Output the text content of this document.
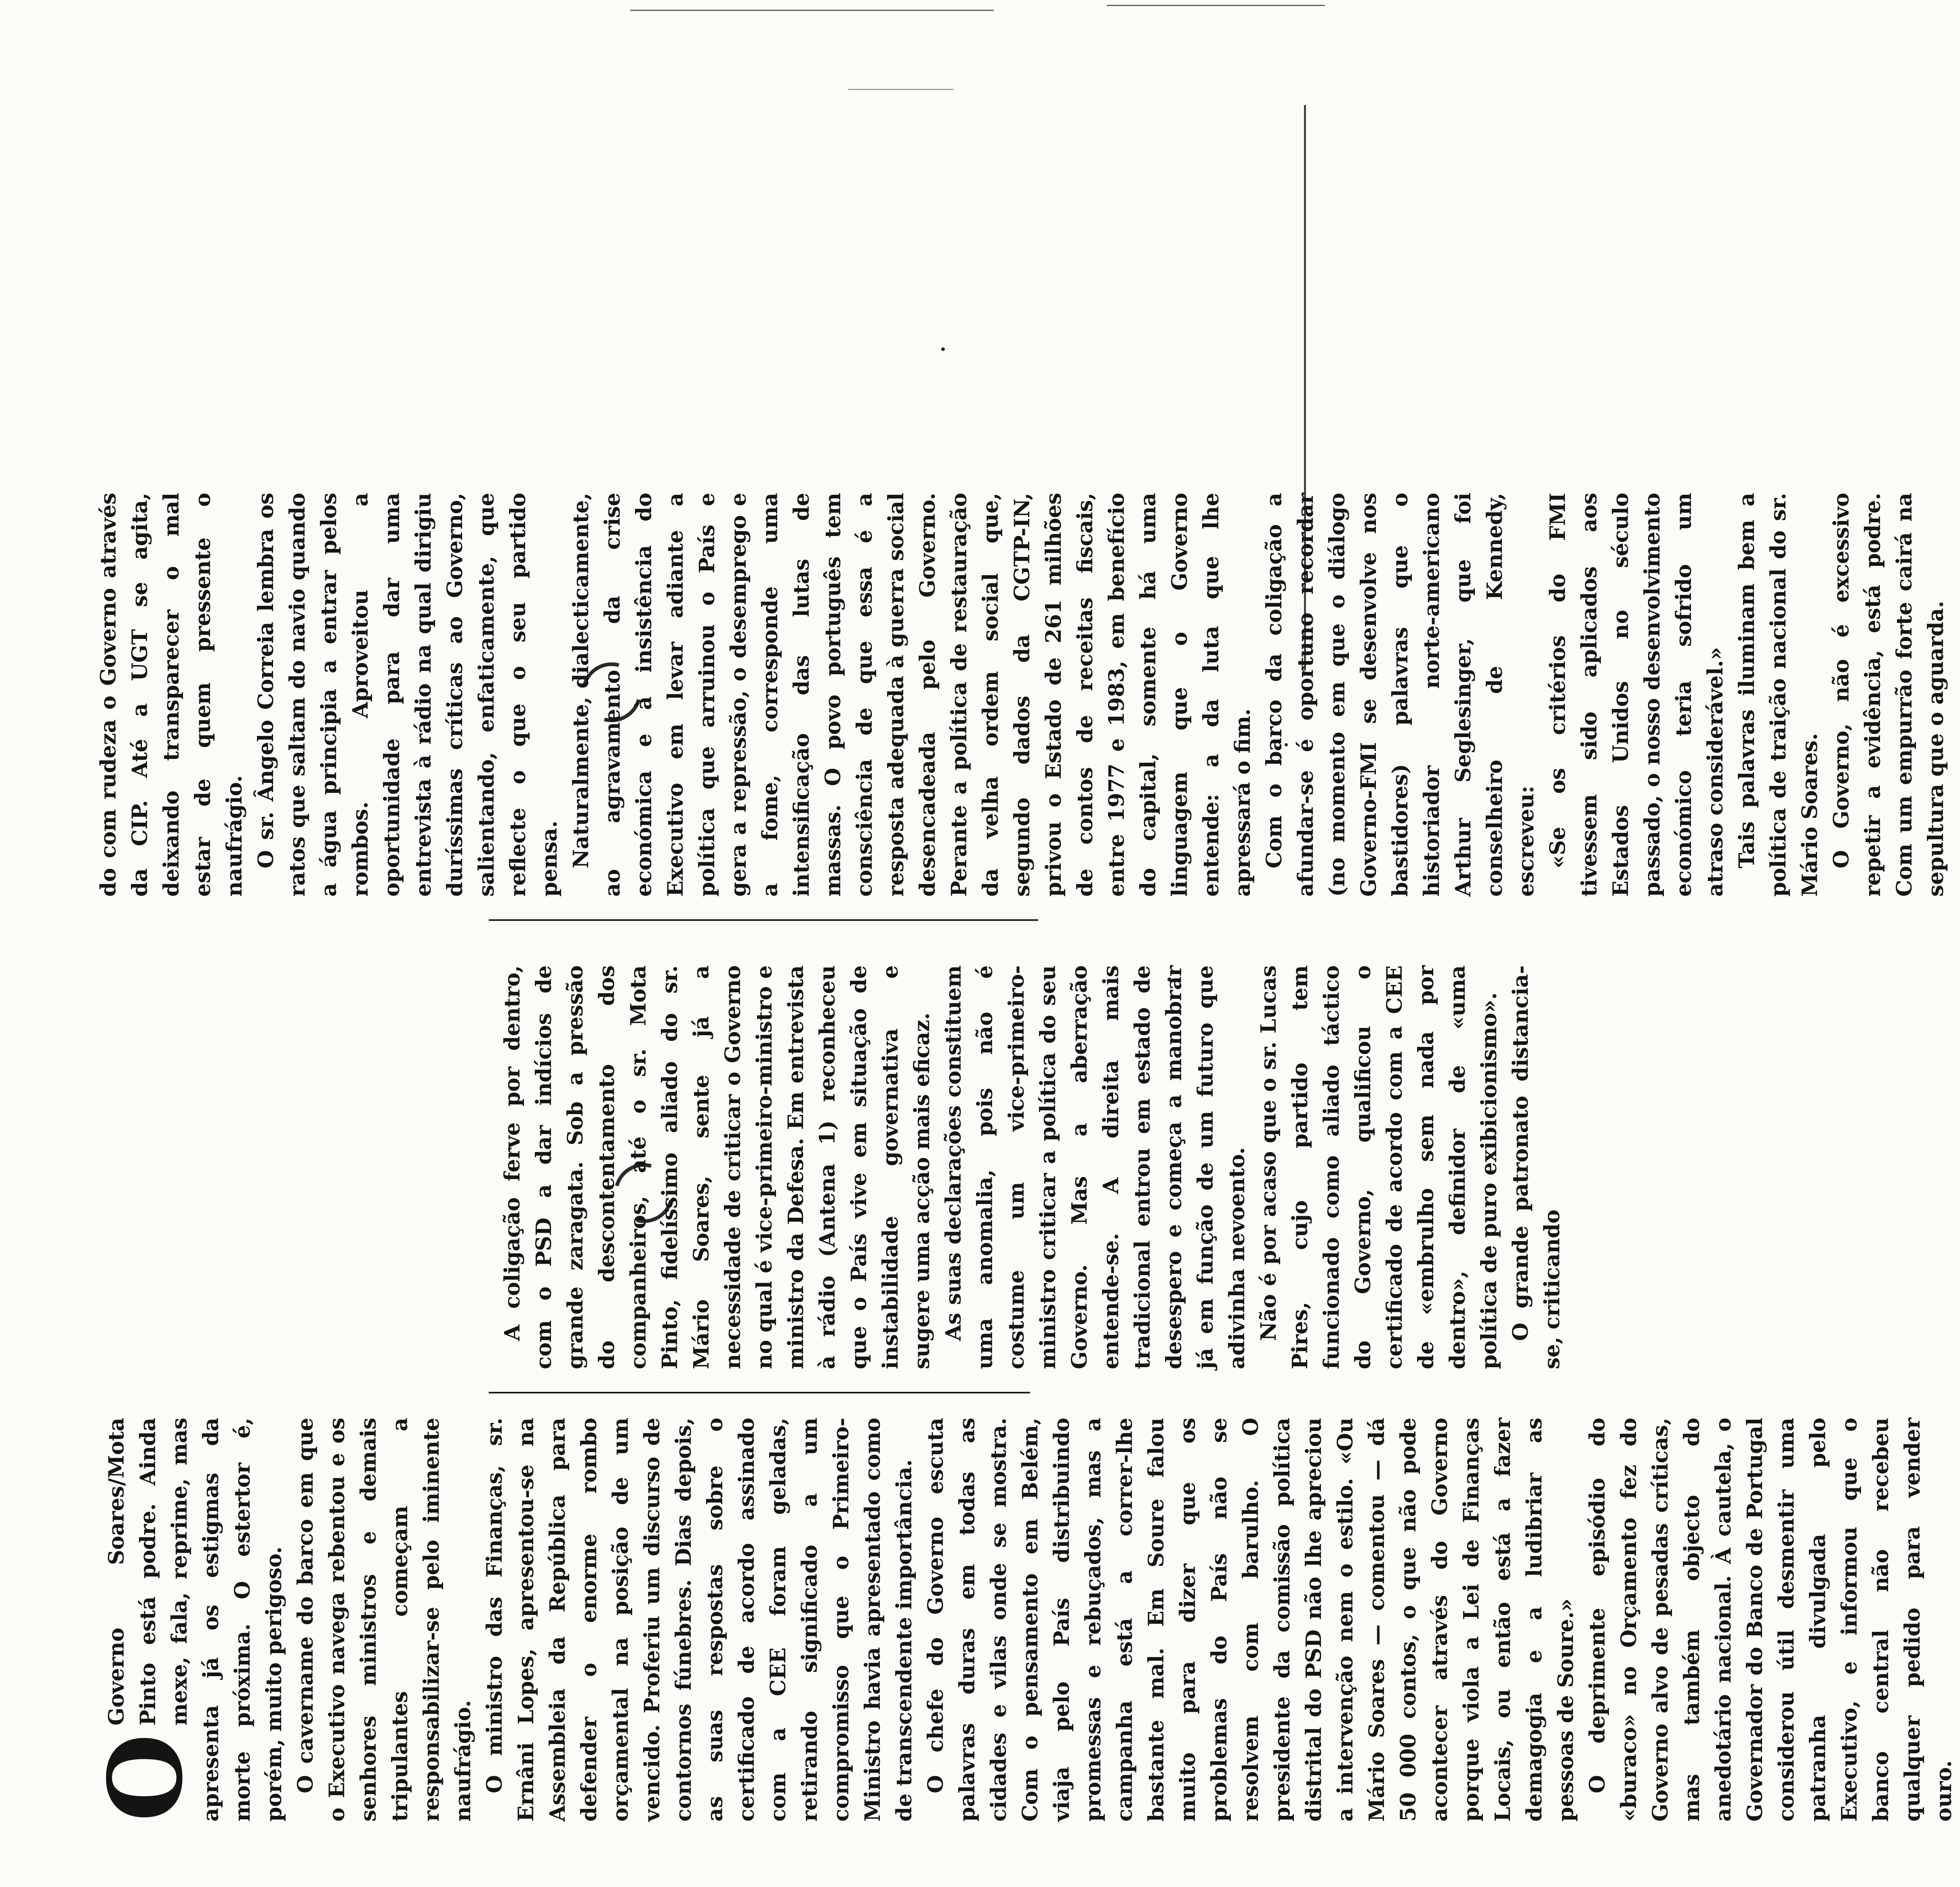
O
Governo Soares/Mota Pinto está podre. Ainda mexe, fala, reprime, mas apresenta já os estigmas da morte próxima. O estertor é, porém, muito perigoso. O cavername do barco em que o Executivo navega rebentou e os senhores ministros e demais tripulantes começam a responsabilizar-se pelo iminente naufrágio. O ministro das Finanças, sr. Ernâni Lopes, apresentou-se na Assembleia da República para defender o enorme rombo orçamental na posição de um vencido. Proferiu um discurso de contornos fúnebres. Dias depois, as suas respostas sobre o certificado de acordo assinado com a CEE foram geladas, retirando significado a um compromisso que o Primeiro-Ministro havia apresentado como de transcendente importância. O chefe do Governo escuta palavras duras em todas as cidades e vilas onde se mostra. Com o pensamento em Belém, viaja pelo País distribuindo promessas e rebuçados, mas a campanha está a correr-lhe bastante mal. Em Soure falou muito para dizer que os problemas do País não se resolvem com barulho. O presidente da comissão política distrital do PSD não lhe apreciou a intervenção nem o estilo. «Ou Mário Soares — comentou — dá 50 000 contos, o que não pode acontecer através do Governo porque viola a Lei de Finanças Locais, ou então está a fazer demagogia e a ludibriar as pessoas de Soure.» O deprimente episódio do «buraco» no Orçamento fez do Governo alvo de pesadas críticas, mas também objecto do anedotário nacional. À cautela, o Governador do Banco de Portugal considerou útil desmentir uma patranha divulgada pelo Executivo, e informou que o banco central não recebeu qualquer pedido para vender ouro.

A coligação ferve por dentro, com o PSD a dar indícios de grande zaragata. Sob a pressão do descontentamento dos companheiros, até o sr. Mota Pinto, fidelíssimo aliado do sr. Mário Soares, sente já a necessidade de criticar o Governo no qual é vice-primeiro-ministro e ministro da Defesa. Em entrevista à rádio (Antena 1) reconheceu que o País vive em situação de instabilidade governativa e sugere uma acção mais eficaz. As suas declarações constituem uma anomalia, pois não é costume um vice-primeiro-ministro criticar a política do seu Governo. Mas a aberração entende-se. A direita mais tradicional entrou em estado de desespero e começa a manobrar já em função de um futuro que adivinha nevoento. Não é por acaso que o sr. Lucas Pires, cujo partido tem funcionado como aliado táctico do Governo, qualificou o certificado de acordo com a CEE de «embrulho sem nada por dentro», definidor de «uma política de puro exibicionismo». O grande patronato distancia-se, criticando

do com rudeza o Governo através da CIP. Até a UGT se agita, deixando transparecer o mal estar de quem pressente o naufrágio. O sr. Ângelo Correia lembra os ratos que saltam do navio quando a água principia a entrar pelos rombos. Aproveitou a oportunidade para dar uma entrevista à rádio na qual dirigiu duríssimas críticas ao Governo, salientando, enfaticamente, que reflecte o que o seu partido pensa. Naturalmente, dialecticamente, ao agravamento da crise económica e à insistência do Executivo em levar adiante a política que arruinou o País e gera a repressão, o desemprego e a fome, corresponde uma intensificação das lutas de massas. O povo português tem consciência de que essa é a resposta adequada à guerra social desencadeada pelo Governo. Perante a política de restauração da velha ordem social que, segundo dados da CGTP-IN, privou o Estado de 261 milhões de contos de receitas fiscais, entre 1977 e 1983, em benefício do capital, somente há uma linguagem que o Governo entende: a da luta que lhe apressará o fim. Com o barco da coligação a afundar-se é oportuno recordar (no momento em que o diálogo Governo-FMI se desenvolve nos bastidores) palavras que o historiador norte-americano Arthur Seglesinger, que foi conselheiro de Kennedy, escreveu: «Se os critérios do FMI tivessem sido aplicados aos Estados Unidos no século passado, o nosso desenvolvimento económico teria sofrido um atraso considerável.» Tais palavras iluminam bem a política de traição nacional do sr. Mário Soares. O Governo, não é excessivo repetir a evidência, está podre. Com um empurrão forte cairá na sepultura que o aguarda.
